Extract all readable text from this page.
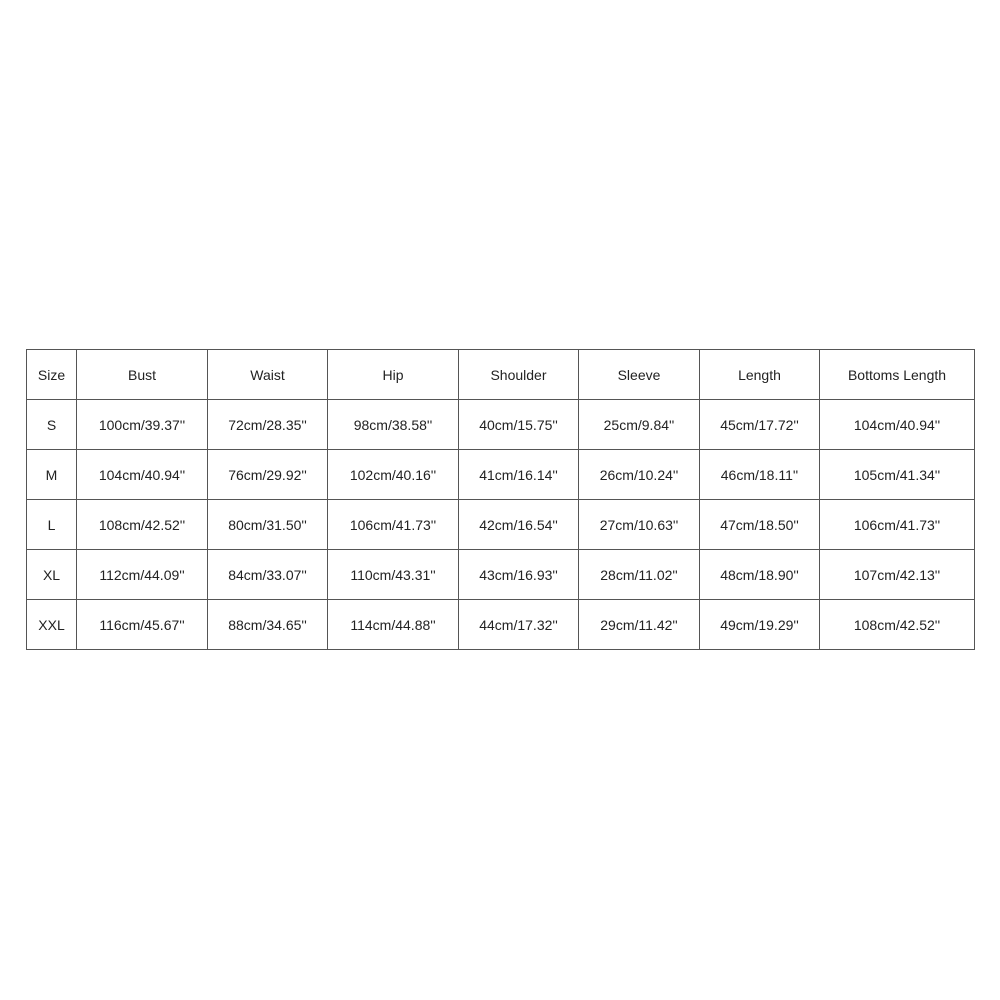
Size	Bust	Waist	Hip	Shoulder	Sleeve	Length	Bottoms Length
S	100cm/39.37''	72cm/28.35''	98cm/38.58''	40cm/15.75''	25cm/9.84''	45cm/17.72''	104cm/40.94''
M	104cm/40.94''	76cm/29.92''	102cm/40.16''	41cm/16.14''	26cm/10.24''	46cm/18.11''	105cm/41.34''
L	108cm/42.52''	80cm/31.50''	106cm/41.73''	42cm/16.54''	27cm/10.63''	47cm/18.50''	106cm/41.73''
XL	112cm/44.09''	84cm/33.07''	110cm/43.31''	43cm/16.93''	28cm/11.02''	48cm/18.90''	107cm/42.13''
XXL	116cm/45.67''	88cm/34.65''	114cm/44.88''	44cm/17.32''	29cm/11.42''	49cm/19.29''	108cm/42.52''
